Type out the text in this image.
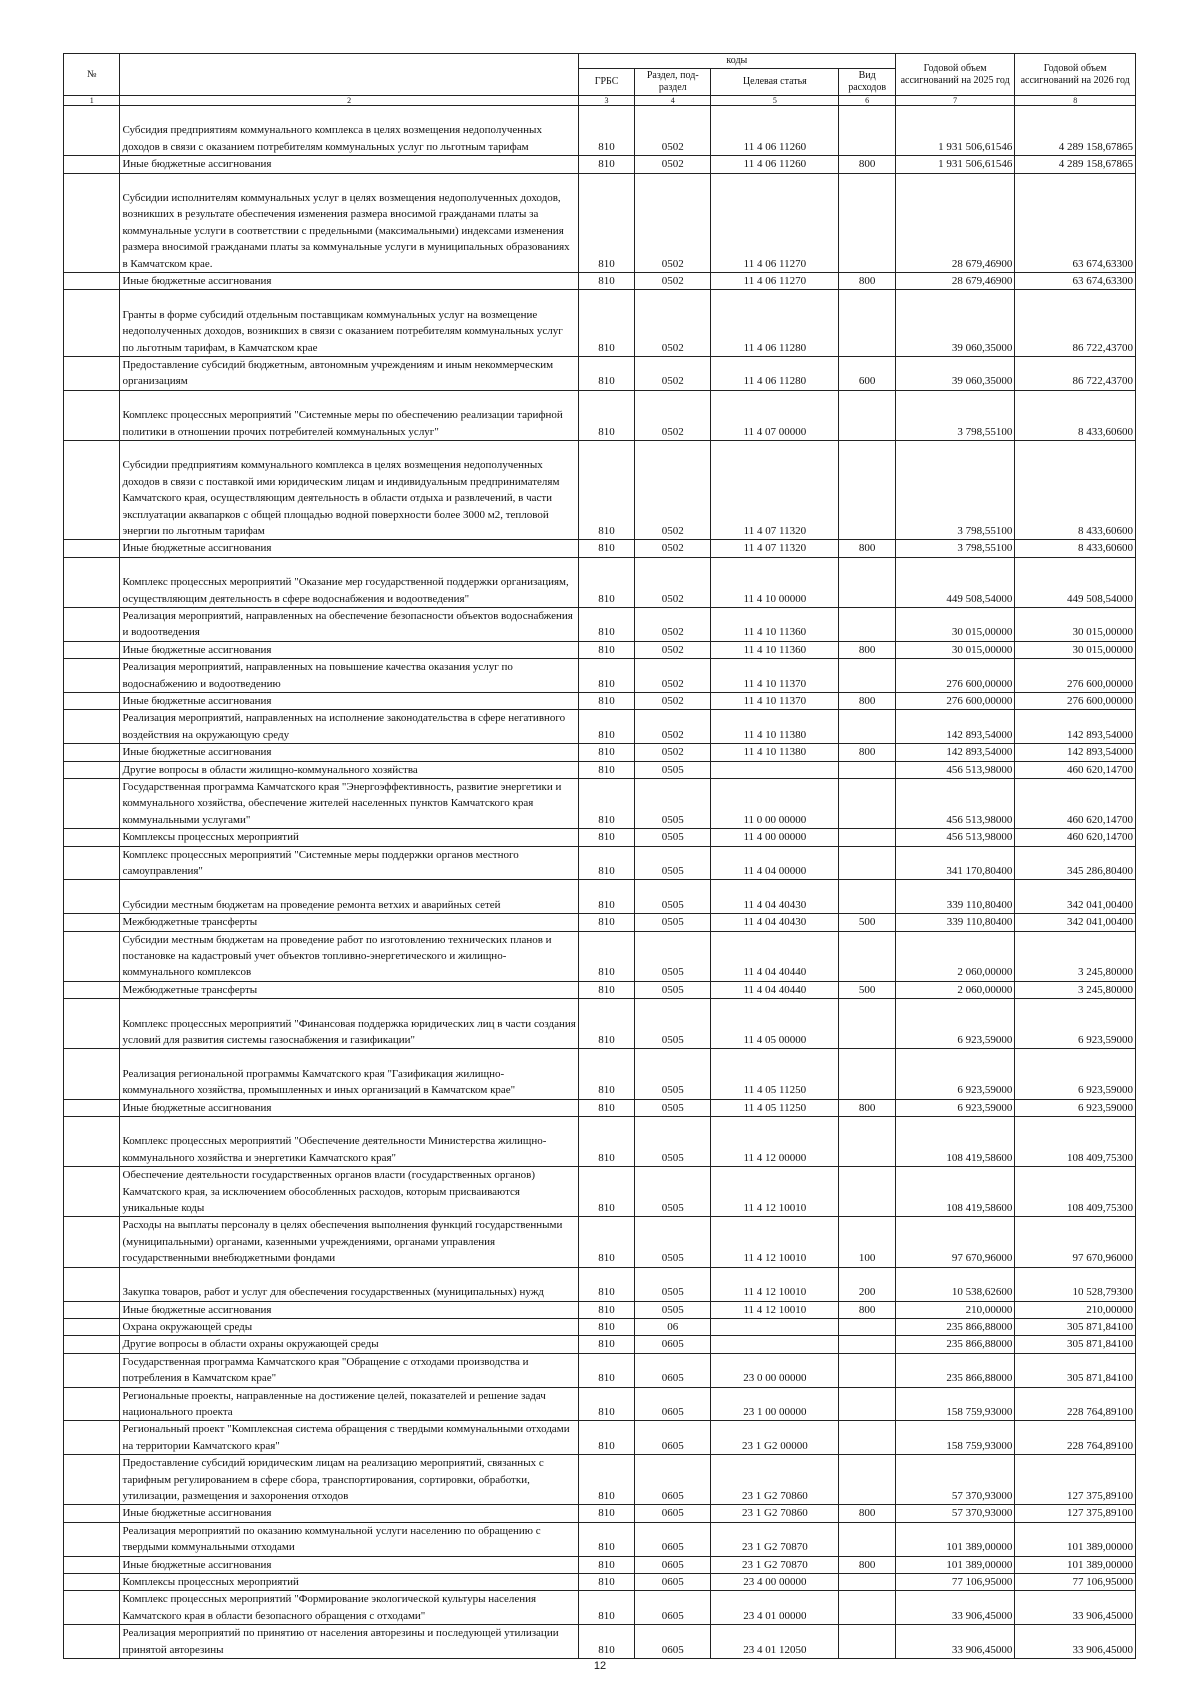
№		коды				Годовой объем ассигнований на 2025 год	Годовой объем ассигнований на 2026 год
		ГРБС	Раздел, под-раздел	Целевая статья	Вид расходов		
1	2	3	4	5	6	7	8
	Субсидия предприятиям коммунального комплекса в целях возмещения недополученных доходов в связи с оказанием потребителям коммунальных услуг по льготным тарифам	810	0502	11 4 06 11260		1 931 506,61546	4 289 158,67865
	Иные бюджетные ассигнования	810	0502	11 4 06 11260	800	1 931 506,61546	4 289 158,67865
	Субсидии исполнителям коммунальных услуг в целях возмещения недополученных доходов, возникших в результате обеспечения изменения размера вносимой гражданами платы за коммунальные услуги в соответствии с предельными (максимальными) индексами изменения размера вносимой гражданами платы за коммунальные услуги в муниципальных образованиях в Камчатском крае.	810	0502	11 4 06 11270		28 679,46900	63 674,63300
	Иные бюджетные ассигнования	810	0502	11 4 06 11270	800	28 679,46900	63 674,63300
	Гранты в форме субсидий отдельным поставщикам коммунальных услуг на возмещение недополученных доходов, возникших в связи с оказанием потребителям коммунальных услуг по льготным тарифам, в Камчатском крае	810	0502	11 4 06 11280		39 060,35000	86 722,43700
	Предоставление субсидий бюджетным, автономным учреждениям и иным некоммерческим организациям	810	0502	11 4 06 11280	600	39 060,35000	86 722,43700
	Комплекс процессных мероприятий "Системные меры по обеспечению реализации тарифной политики в отношении прочих потребителей коммунальных услуг"	810	0502	11 4 07 00000		3 798,55100	8 433,60600
	Субсидии предприятиям коммунального комплекса в целях возмещения недополученных доходов в связи с поставкой ими юридическим лицам и индивидуальным предпринимателям Камчатского края, осуществляющим деятельность в области отдыха и развлечений, в части эксплуатации аквапарков с общей площадью водной поверхности более 3000 м2, тепловой энергии по льготным тарифам	810	0502	11 4 07 11320		3 798,55100	8 433,60600
	Иные бюджетные ассигнования	810	0502	11 4 07 11320	800	3 798,55100	8 433,60600
	Комплекс процессных мероприятий "Оказание мер государственной поддержки организациям, осуществляющим деятельность в сфере водоснабжения и водоотведения"	810	0502	11 4 10 00000		449 508,54000	449 508,54000
	Реализация мероприятий, направленных на обеспечение безопасности объектов водоснабжения и водоотведения	810	0502	11 4 10 11360		30 015,00000	30 015,00000
	Иные бюджетные ассигнования	810	0502	11 4 10 11360	800	30 015,00000	30 015,00000
	Реализация мероприятий, направленных на повышение качества оказания услуг по водоснабжению и водоотведению	810	0502	11 4 10 11370		276 600,00000	276 600,00000
	Иные бюджетные ассигнования	810	0502	11 4 10 11370	800	276 600,00000	276 600,00000
	Реализация мероприятий, направленных на исполнение законодательства в сфере негативного воздействия на окружающую среду	810	0502	11 4 10 11380		142 893,54000	142 893,54000
	Иные бюджетные ассигнования	810	0502	11 4 10 11380	800	142 893,54000	142 893,54000
	Другие вопросы в области жилищно-коммунального хозяйства	810	0505			456 513,98000	460 620,14700
	Государственная программа Камчатского края "Энергоэффективность, развитие энергетики и коммунального хозяйства, обеспечение жителей населенных пунктов Камчатского края коммунальными услугами"	810	0505	11 0 00 00000		456 513,98000	460 620,14700
	Комплексы процессных мероприятий	810	0505	11 4 00 00000		456 513,98000	460 620,14700
	Комплекс процессных мероприятий "Системные меры поддержки органов местного самоуправления"	810	0505	11 4 04 00000		341 170,80400	345 286,80400
	Субсидии местным бюджетам на проведение ремонта ветхих и аварийных сетей	810	0505	11 4 04 40430		339 110,80400	342 041,00400
	Межбюджетные трансферты	810	0505	11 4 04 40430	500	339 110,80400	342 041,00400
	Субсидии местным бюджетам на проведение работ по изготовлению технических планов и постановке на кадастровый учет объектов топливно-энергетического и жилищно-коммунального комплексов	810	0505	11 4 04 40440		2 060,00000	3 245,80000
	Межбюджетные трансферты	810	0505	11 4 04 40440	500	2 060,00000	3 245,80000
	Комплекс процессных мероприятий "Финансовая поддержка юридических лиц в части создания условий для развития системы газоснабжения и газификации"	810	0505	11 4 05 00000		6 923,59000	6 923,59000
	Реализация региональной программы Камчатского края "Газификация жилищно-коммунального хозяйства, промышленных и иных организаций в Камчатском крае"	810	0505	11 4 05 11250		6 923,59000	6 923,59000
	Иные бюджетные ассигнования	810	0505	11 4 05 11250	800	6 923,59000	6 923,59000
	Комплекс процессных мероприятий "Обеспечение деятельности Министерства жилищно-коммунального хозяйства и энергетики Камчатского края"	810	0505	11 4 12 00000		108 419,58600	108 409,75300
	Обеспечение деятельности государственных органов власти (государственных органов) Камчатского края, за исключением обособленных расходов, которым присваиваются уникальные коды	810	0505	11 4 12 10010		108 419,58600	108 409,75300
	Расходы на выплаты персоналу в целях обеспечения выполнения функций государственными (муниципальными) органами, казенными учреждениями, органами управления государственными внебюджетными фондами	810	0505	11 4 12 10010	100	97 670,96000	97 670,96000
	Закупка товаров, работ и услуг для обеспечения государственных (муниципальных) нужд	810	0505	11 4 12 10010	200	10 538,62600	10 528,79300
	Иные бюджетные ассигнования	810	0505	11 4 12 10010	800	210,00000	210,00000
	Охрана окружающей среды	810	06			235 866,88000	305 871,84100
	Другие вопросы в области охраны окружающей среды	810	0605			235 866,88000	305 871,84100
	Государственная программа Камчатского края "Обращение с отходами производства и потребления в Камчатском крае"	810	0605	23 0 00 00000		235 866,88000	305 871,84100
	Региональные проекты, направленные на достижение целей, показателей и решение задач национального проекта	810	0605	23 1 00 00000		158 759,93000	228 764,89100
	Региональный проект "Комплексная система обращения с твердыми коммунальными отходами на территории Камчатского края"	810	0605	23 1 G2 00000		158 759,93000	228 764,89100
	Предоставление субсидий юридическим лицам на реализацию мероприятий, связанных с тарифным регулированием в сфере сбора, транспортирования, сортировки, обработки, утилизации, размещения и захоронения отходов	810	0605	23 1 G2 70860		57 370,93000	127 375,89100
	Иные бюджетные ассигнования	810	0605	23 1 G2 70860	800	57 370,93000	127 375,89100
	Реализация мероприятий по оказанию коммунальной услуги населению по обращению с твердыми коммунальными отходами	810	0605	23 1 G2 70870		101 389,00000	101 389,00000
	Иные бюджетные ассигнования	810	0605	23 1 G2 70870	800	101 389,00000	101 389,00000
	Комплексы процессных мероприятий	810	0605	23 4 00 00000		77 106,95000	77 106,95000
	Комплекс процессных мероприятий "Формирование экологической культуры населения Камчатского края в области безопасного обращения с отходами"	810	0605	23 4 01 00000		33 906,45000	33 906,45000
	Реализация мероприятий по принятию от населения авторезины и последующей утилизации принятой авторезины	810	0605	23 4 01 12050		33 906,45000	33 906,45000
12
